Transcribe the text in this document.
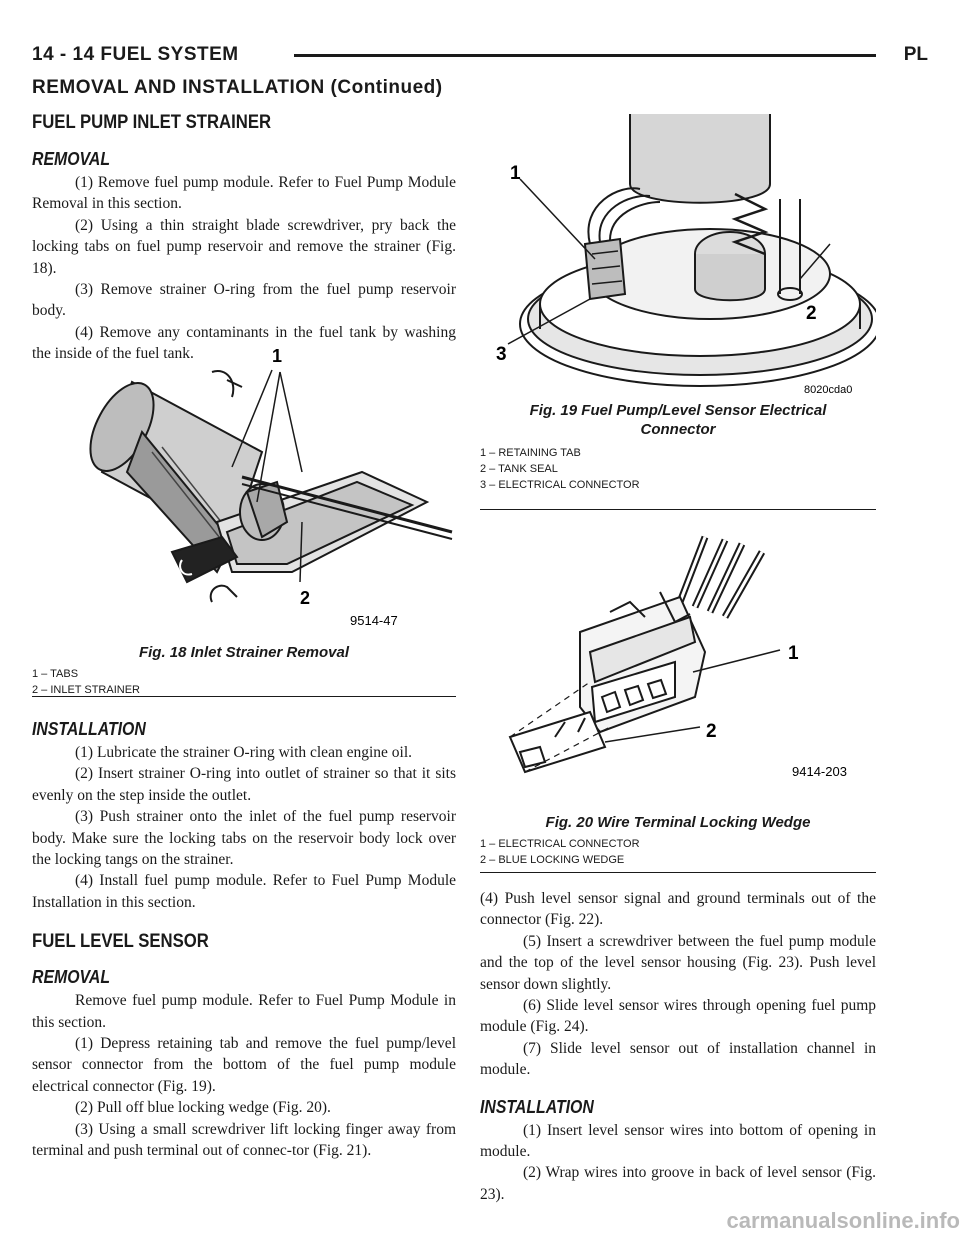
14 - 14 FUEL SYSTEM	PL
REMOVAL AND INSTALLATION (Continued)
FUEL PUMP INLET STRAINER
REMOVAL

(1) Remove fuel pump module. Refer to Fuel Pump Module Removal in this section.

(2) Using a thin straight blade screwdriver, pry back the locking tabs on fuel pump reservoir and remove the strainer (Fig. 18).

(3) Remove strainer O-ring from the fuel pump reservoir body.

(4) Remove any contaminants in the fuel tank by washing the inside of the fuel tank.	1
2
9514-47
Fig. 18 Inlet Strainer Removal
1 – TABS
2 – INLET STRAINER
INSTALLATION

(1) Lubricate the strainer O-ring with clean engine oil.

(2) Insert strainer O-ring into outlet of strainer so that it sits evenly on the step inside the outlet.

(3) Push strainer onto the inlet of the fuel pump reservoir body. Make sure the locking tabs on the reservoir body lock over the locking tangs on the strainer.

(4) Install fuel pump module. Refer to Fuel Pump Module Installation in this section.

FUEL LEVEL SENSOR
REMOVAL

Remove fuel pump module. Refer to Fuel Pump Module in this section.

(1) Depress retaining tab and remove the fuel pump/level sensor connector from the bottom of the fuel pump module electrical connector (Fig. 19).

(2) Pull off blue locking wedge (Fig. 20).

(3) Using a small screwdriver lift locking finger away from terminal and push terminal out of connec-tor (Fig. 21).

1
2
3
8020cda0
Fig. 19 Fuel Pump/Level Sensor Electrical Connector
1 – RETAINING TAB
2 – TANK SEAL
3 – ELECTRICAL CONNECTOR
1
2
9414-203
Fig. 20 Wire Terminal Locking Wedge
1 – ELECTRICAL CONNECTOR
2 – BLUE LOCKING WEDGE

(4) Push level sensor signal and ground terminals out of the connector (Fig. 22).

(5) Insert a screwdriver between the fuel pump module and the top of the level sensor housing (Fig. 23). Push level sensor down slightly.

(6) Slide level sensor wires through opening fuel pump module (Fig. 24).

(7) Slide level sensor out of installation channel in module.

INSTALLATION

(1) Insert level sensor wires into bottom of opening in module.

(2) Wrap wires into groove in back of level sensor (Fig. 23).

carmanualsonline.info
